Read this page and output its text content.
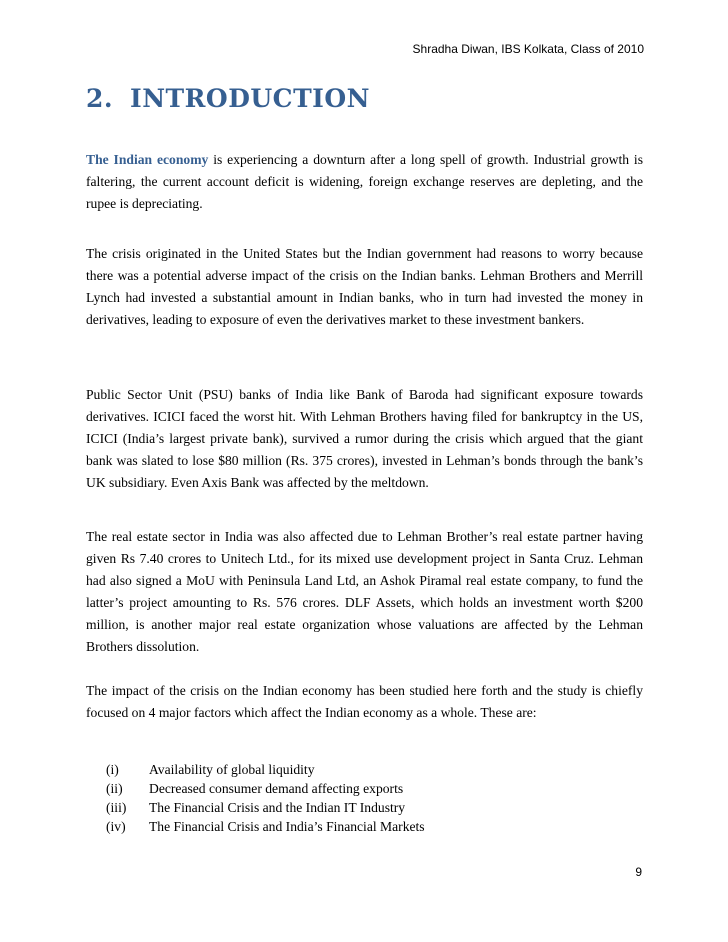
Shradha Diwan, IBS Kolkata, Class of 2010
2. INTRODUCTION

The Indian economy is experiencing a downturn after a long spell of growth. Industrial growth is faltering, the current account deficit is widening, foreign exchange reserves are depleting, and the rupee is depreciating.

The crisis originated in the United States but the Indian government had reasons to worry because there was a potential adverse impact of the crisis on the Indian banks. Lehman Brothers and Merrill Lynch had invested a substantial amount in Indian banks, who in turn had invested the money in derivatives, leading to exposure of even the derivatives market to these investment bankers.

Public Sector Unit (PSU) banks of India like Bank of Baroda had significant exposure towards derivatives. ICICI faced the worst hit. With Lehman Brothers having filed for bankruptcy in the US, ICICI (India’s largest private bank), survived a rumor during the crisis which argued that the giant bank was slated to lose $80 million (Rs. 375 crores), invested in Lehman’s bonds through the bank’s UK subsidiary. Even Axis Bank was affected by the meltdown.

The real estate sector in India was also affected due to Lehman Brother’s real estate partner having given Rs 7.40 crores to Unitech Ltd., for its mixed use development project in Santa Cruz. Lehman had also signed a MoU with Peninsula Land Ltd, an Ashok Piramal real estate company, to fund the latter’s project amounting to Rs. 576 crores. DLF Assets, which holds an investment worth $200 million, is another major real estate organization whose valuations are affected by the Lehman Brothers dissolution.

The impact of the crisis on the Indian economy has been studied here forth and the study is chiefly focused on 4 major factors which affect the Indian economy as a whole. These are:

(i) Availability of global liquidity
(ii) Decreased consumer demand affecting exports
(iii) The Financial Crisis and the Indian IT Industry
(iv) The Financial Crisis and India’s Financial Markets
9
